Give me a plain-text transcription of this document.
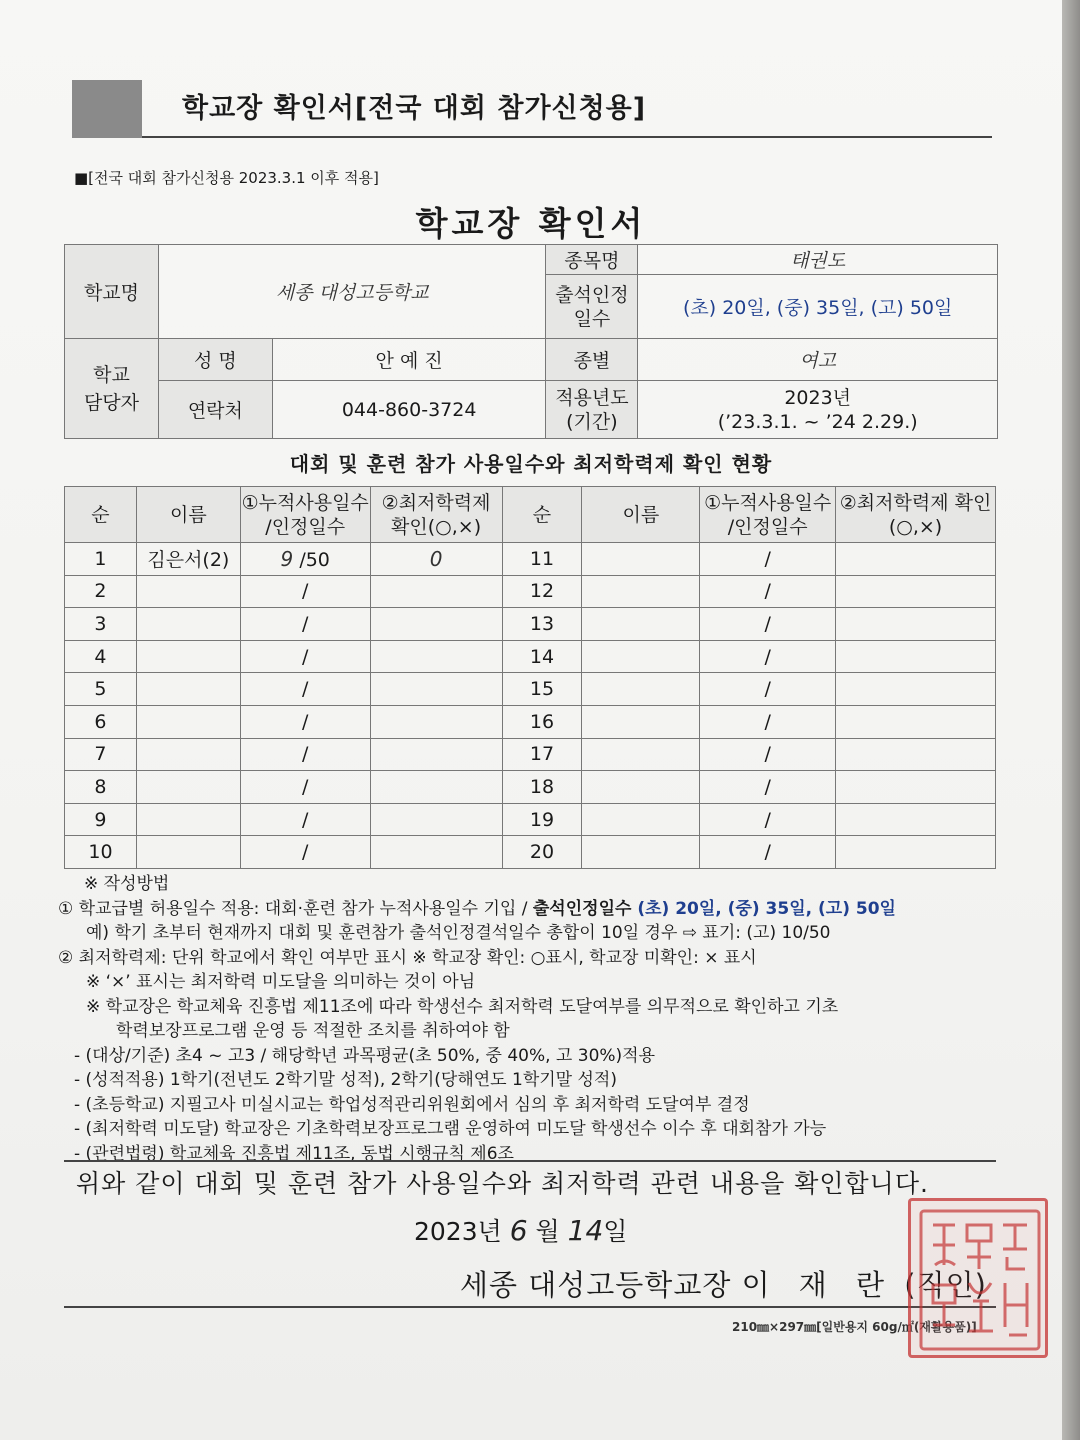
학교장 확인서[전국 대회 참가신청용]
■[전국 대회 참가신청용 2023.3.1 이후 적용]
학교장 확인서
학교명	세종 대성고등학교		종목명	태권도
			출석인정 일수	(초) 20일, (중) 35일, (고) 50일
학교 담당자	성 명	안 예 진	종별	여고
	연락처	044-860-3724	적용년도 (기간)	2023년
(’23.3.1. ~ ’24 2.29.)
대회 및 훈련 참가 사용일수와 최저학력제 확인 현황
순	이름	①누적사용일수 /인정일수	②최저학력제 확인(○,×)	순	이름	①누적사용일수 /인정일수	②최저학력제 확인(○,×)
1	김은서(2)	9 /50	0	11		/	
2		/		12		/	
3		/		13		/	
4		/		14		/	
5		/		15		/	
6		/		16		/	
7		/		17		/	
8		/		18		/	
9		/		19		/	
10		/		20		/	
※ 작성방법
① 학교급별 허용일수 적용: 대회·훈련 참가 누적사용일수 기입 / 출석인정일수 (초) 20일, (중) 35일, (고) 50일
예) 학기 초부터 현재까지 대회 및 훈련참가 출석인정결석일수 총합이 10일 경우 ⇨ 표기: (고) 10/50
② 최저학력제: 단위 학교에서 확인 여부만 표시 ※ 학교장 확인: ○표시, 학교장 미확인: × 표시
※ ‘×’ 표시는 최저학력 미도달을 의미하는 것이 아님
※ 학교장은 학교체육 진흥법 제11조에 따라 학생선수 최저학력 도달여부를 의무적으로 확인하고 기초
학력보장프로그램 운영 등 적절한 조치를 취하여야 함
- (대상/기준) 초4 ~ 고3 / 해당학년 과목평균(초 50%, 중 40%, 고 30%)적용
- (성적적용) 1학기(전년도 2학기말 성적), 2학기(당해연도 1학기말 성적)
- (초등학교) 지필고사 미실시교는 학업성적관리위원회에서 심의 후 최저학력 도달여부 결정
- (최저학력 미도달) 학교장은 기초학력보장프로그램 운영하여 미도달 학생선수 이수 후 대회참가 가능
- (관련법령) 학교체육 진흥법 제11조, 동법 시행규칙 제6조
위와 같이 대회 및 훈련 참가 사용일수와 최저학력 관련 내용을 확인합니다.
2023년 6 월 14일
세종 대성고등학교장 이 재 란 (직인)
210㎜×297㎜[일반용지 60g/㎡(재활용품)]
